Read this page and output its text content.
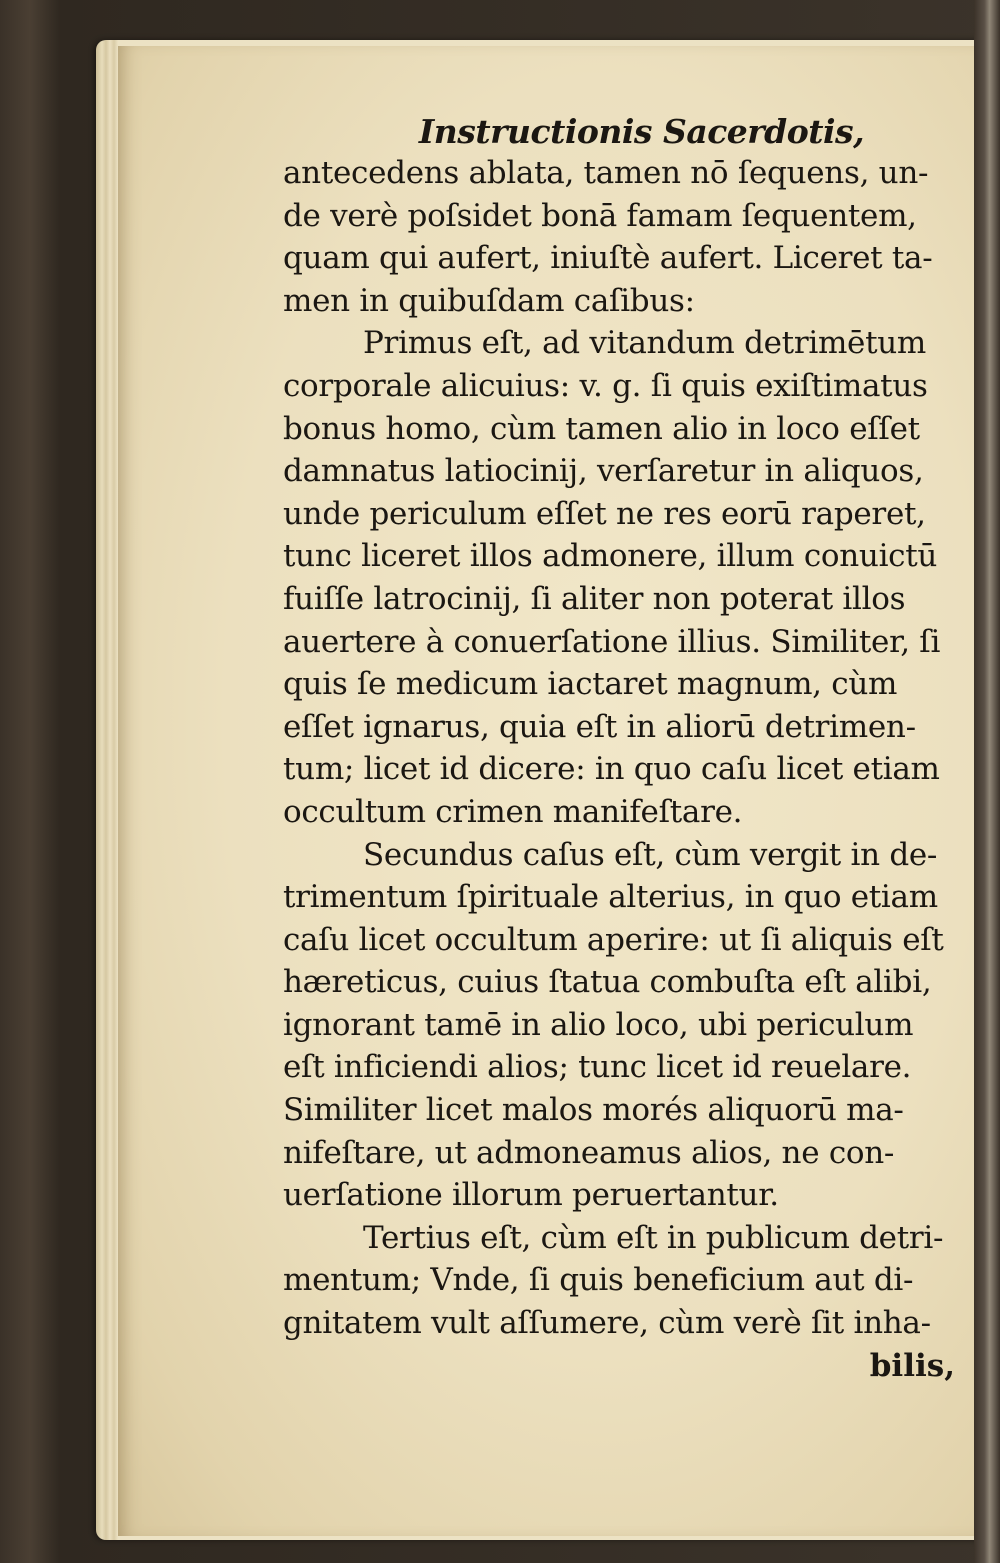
Instructionis Sacerdotis,
antecedens ablata, tamen nō ſequens, un-
de verè poſsidet bonā famam ſequentem,
quam qui aufert, iniuſtè aufert. Liceret ta-
men in quibuſdam caſibus:
Primus eſt, ad vitandum detrimētum
corporale alicuius: v. g. ſi quis exiſtimatus
bonus homo, cùm tamen alio in loco eſſet
damnatus latiocinij, verſaretur in aliquos,
unde periculum eſſet ne res eorū raperet,
tunc liceret illos admonere, illum conuictū
fuiſſe latrocinij, ſi aliter non poterat illos
auertere à conuerſatione illius. Similiter, ſi
quis ſe medicum iactaret magnum, cùm
eſſet ignarus, quia eſt in aliorū detrimen-
tum; licet id dicere: in quo caſu licet etiam
occultum crimen manifeſtare.
Secundus caſus eſt, cùm vergit in de-
trimentum ſpirituale alterius, in quo etiam
caſu licet occultum aperire: ut ſi aliquis eſt
hæreticus, cuius ſtatua combuſta eſt alibi,
ignorant tamē in alio loco, ubi periculum
eſt inficiendi alios; tunc licet id reuelare.
Similiter licet malos morés aliquorū ma-
nifeſtare, ut admoneamus alios, ne con-
uerſatione illorum peruertantur.
Tertius eſt, cùm eſt in publicum detri-
mentum; Vnde, ſi quis beneficium aut di-
gnitatem vult aſſumere, cùm verè ſit inha-
bilis,
